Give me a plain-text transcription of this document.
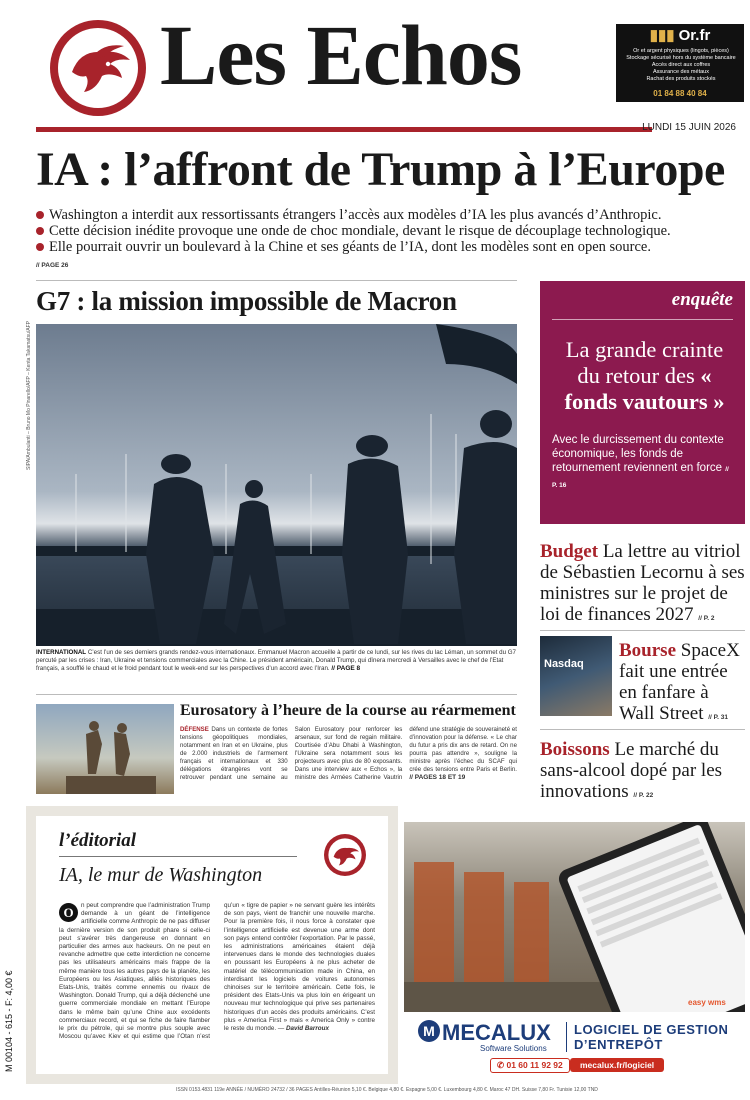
Les Echos	▮▮▮ Or.fr
Or et argent physiques (lingots, pièces)
Stockage sécurisé hors du système bancaire
Accès direct aux coffres
Assurance des métaux
Rachat des produits stockés
01 84 88 40 84
LUNDI 15 JUIN 2026
IA : l’affront de Trump à l’Europe
Washington a interdit aux ressortissants étrangers l’accès aux modèles d’IA les plus avancés d’Anthropic.
Cette décision inédite provoque une onde de choc mondiale, devant le risque de découplage technologique.
Elle pourrait ouvrir un boulevard à la Chine et ses géants de l’IA, dont les modèles sont en open source.
// PAGE 26
G7 : la mission impossible de Macron
SIPA/Ambulanti – Bruno Mo Pinarello/AFP – Kenta Takamatsu/AFP

INTERNATIONAL C’est l’un de ses derniers grands rendez-vous internationaux. Emmanuel Macron accueille à partir de ce lundi, sur les rives du lac Léman, un sommet du G7 percuté par les crises : Iran, Ukraine et tensions commerciales avec la Chine. Le président américain, Donald Trump, qui dînera mercredi à Versailles avec le chef de l’Etat français, a soufflé le chaud et le froid pendant tout le week-end sur les perspectives d’un accord avec l’Iran. // PAGE 8

enquête
La grande crainte du retour des « fonds vautours »

Avec le durcissement du contexte économique, les fonds de retournement reviennent en force // P. 16

Budget La lettre au vitriol de Sébastien Lecornu à ses ministres sur le projet de loi de finances 2027 // P. 2

Nasdaq

Bourse SpaceX fait une entrée en fanfare à Wall Street // P. 31

Boissons Le marché du sans-alcool dopé par les innovations // P. 22

Eurosatory à l’heure de la course au réarmement

DÉFENSE Dans un contexte de fortes tensions géopolitiques mondiales, notamment en Iran et en Ukraine, plus de 2.000 industriels de l’armement français et internationaux et 330 délégations étrangères vont se retrouver pendant une semaine au Salon Eurosatory pour renforcer les arsenaux, sur fond de regain militaire. Courtisée d’Abu Dhabi à Washington, l’Ukraine sera notamment sous les projecteurs avec plus de 80 exposants. Dans une interview aux « Echos », la ministre des Armées Catherine Vautrin défend une stratégie de souveraineté et d’innovation pour la défense. « Le char du futur a pris dix ans de retard. On ne pourra pas attendre », souligne la ministre après l’échec du SCAF qui crée des tensions entre Paris et Berlin. // PAGES 18 ET 19

l’éditorial
IA, le mur de Washington

O	n peut comprendre que l’administration Trump demande à un géant de l’intelligence artificielle comme Anthropic de ne pas diffuser la dernière version de son produit phare si celle-ci peut s’avérer très dangereuse en donnant en particulier des armes aux hackeurs. On ne peut en revanche admettre que cette interdiction ne concerne pas les utilisateurs américains mais frappe de la même manière tous les autres pays de la planète, les Européens ou les Asiatiques, alliés historiques des Etats-Unis, traités comme ennemis ou rivaux de Washington. Donald Trump, qui a déjà déclenché une guerre commerciale mondiale en mettant l’Europe dans le même bain qu’une Chine aux excédents commerciaux record, et qui se fiche de faire flamber le prix du pétrole, qui se montre plus souple avec Moscou qu’avec Kiev et qui estime que l’Otan n’est qu’un « tigre de papier » ne servant guère les intérêts de son pays, vient de franchir une nouvelle marche. Pour la première fois, il nous force à constater que l’intelligence artificielle est devenue une arme dont son pays entend contrôler l’exportation. Par le passé, les administrations américaines étaient déjà intervenues dans le monde des technologies duales en poussant les Européens à ne plus acheter de matériel de télécommunication made in China, en interdisant les logiciels de voitures autonomes chinoises sur le territoire américain. Cette fois, le président des Etats-Unis va plus loin en érigeant un nouveau mur technologique qui prive ses partenaires historiques d’un accès des produits américains. C’est plus « America First » mais « America Only » contre le reste du monde. — David Barroux

easy wms
M MECALUX
Software Solutions
LOGICIEL DE GESTION
D’ENTREPÔT
✆ 01 60 11 92 92	mecalux.fr/logiciel
M 00104 - 615 - F: 4,00 €
ISSN 0153.4831 119e ANNÉE / NUMÉRO 24732 / 36 PAGES Antilles-Réunion 5,10 €. Belgique 4,80 €. Espagne 5,00 €. Luxembourg 4,80 €. Maroc 47 DH. Suisse 7,80 Fr. Tunisie 12,00 TND
